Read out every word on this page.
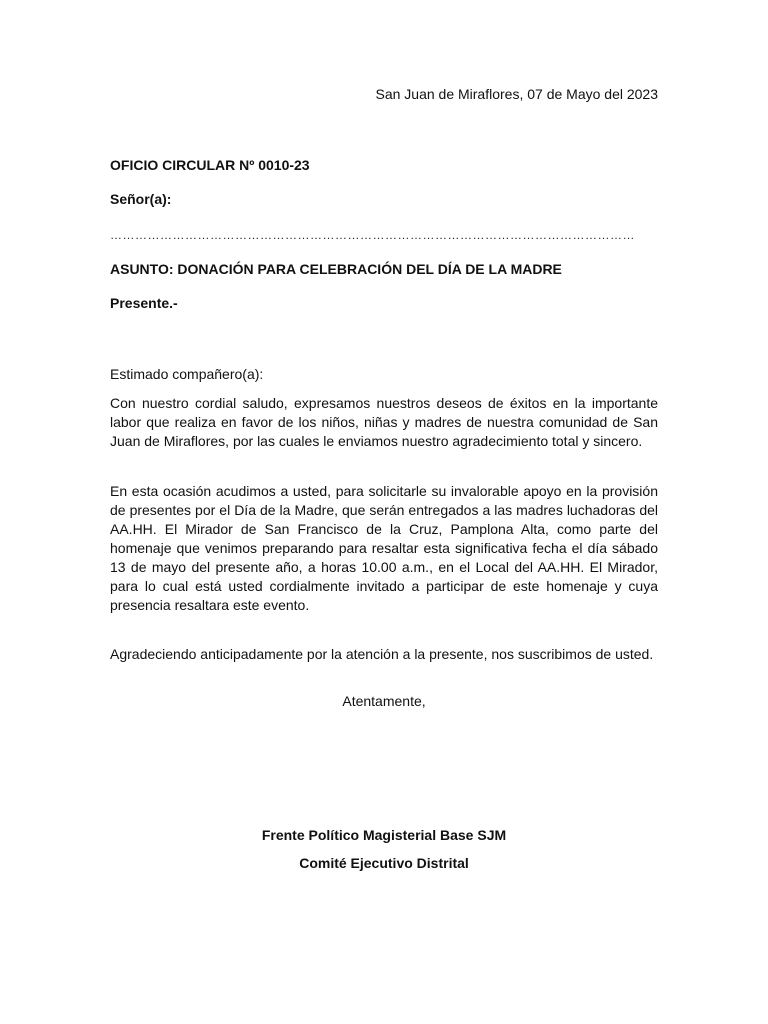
San Juan de Miraflores, 07 de Mayo del 2023

OFICIO CIRCULAR Nº 0010-23

Señor(a):

………………………………………………………………………………………………………………

ASUNTO: DONACIÓN PARA CELEBRACIÓN DEL DÍA DE LA MADRE

Presente.-

Estimado compañero(a):

Con nuestro cordial saludo, expresamos nuestros deseos de éxitos en la importante labor que realiza en favor de los niños, niñas y madres de nuestra comunidad de San Juan de Miraflores, por las cuales le enviamos nuestro agradecimiento total y sincero.

En esta ocasión acudimos a usted, para solicitarle su invalorable apoyo en la provisión de presentes por el Día de la Madre, que serán entregados a las madres luchadoras del AA.HH. El Mirador de San Francisco de la Cruz, Pamplona Alta, como parte del homenaje que venimos preparando para resaltar esta significativa fecha el día sábado 13 de mayo del presente año, a horas 10.00 a.m., en el Local del AA.HH. El Mirador, para lo cual está usted cordialmente invitado a participar de este homenaje y cuya presencia resaltara este evento.

Agradeciendo anticipadamente por la atención a la presente, nos suscribimos de usted.

Atentamente,

Frente Político Magisterial Base SJM

Comité Ejecutivo Distrital
